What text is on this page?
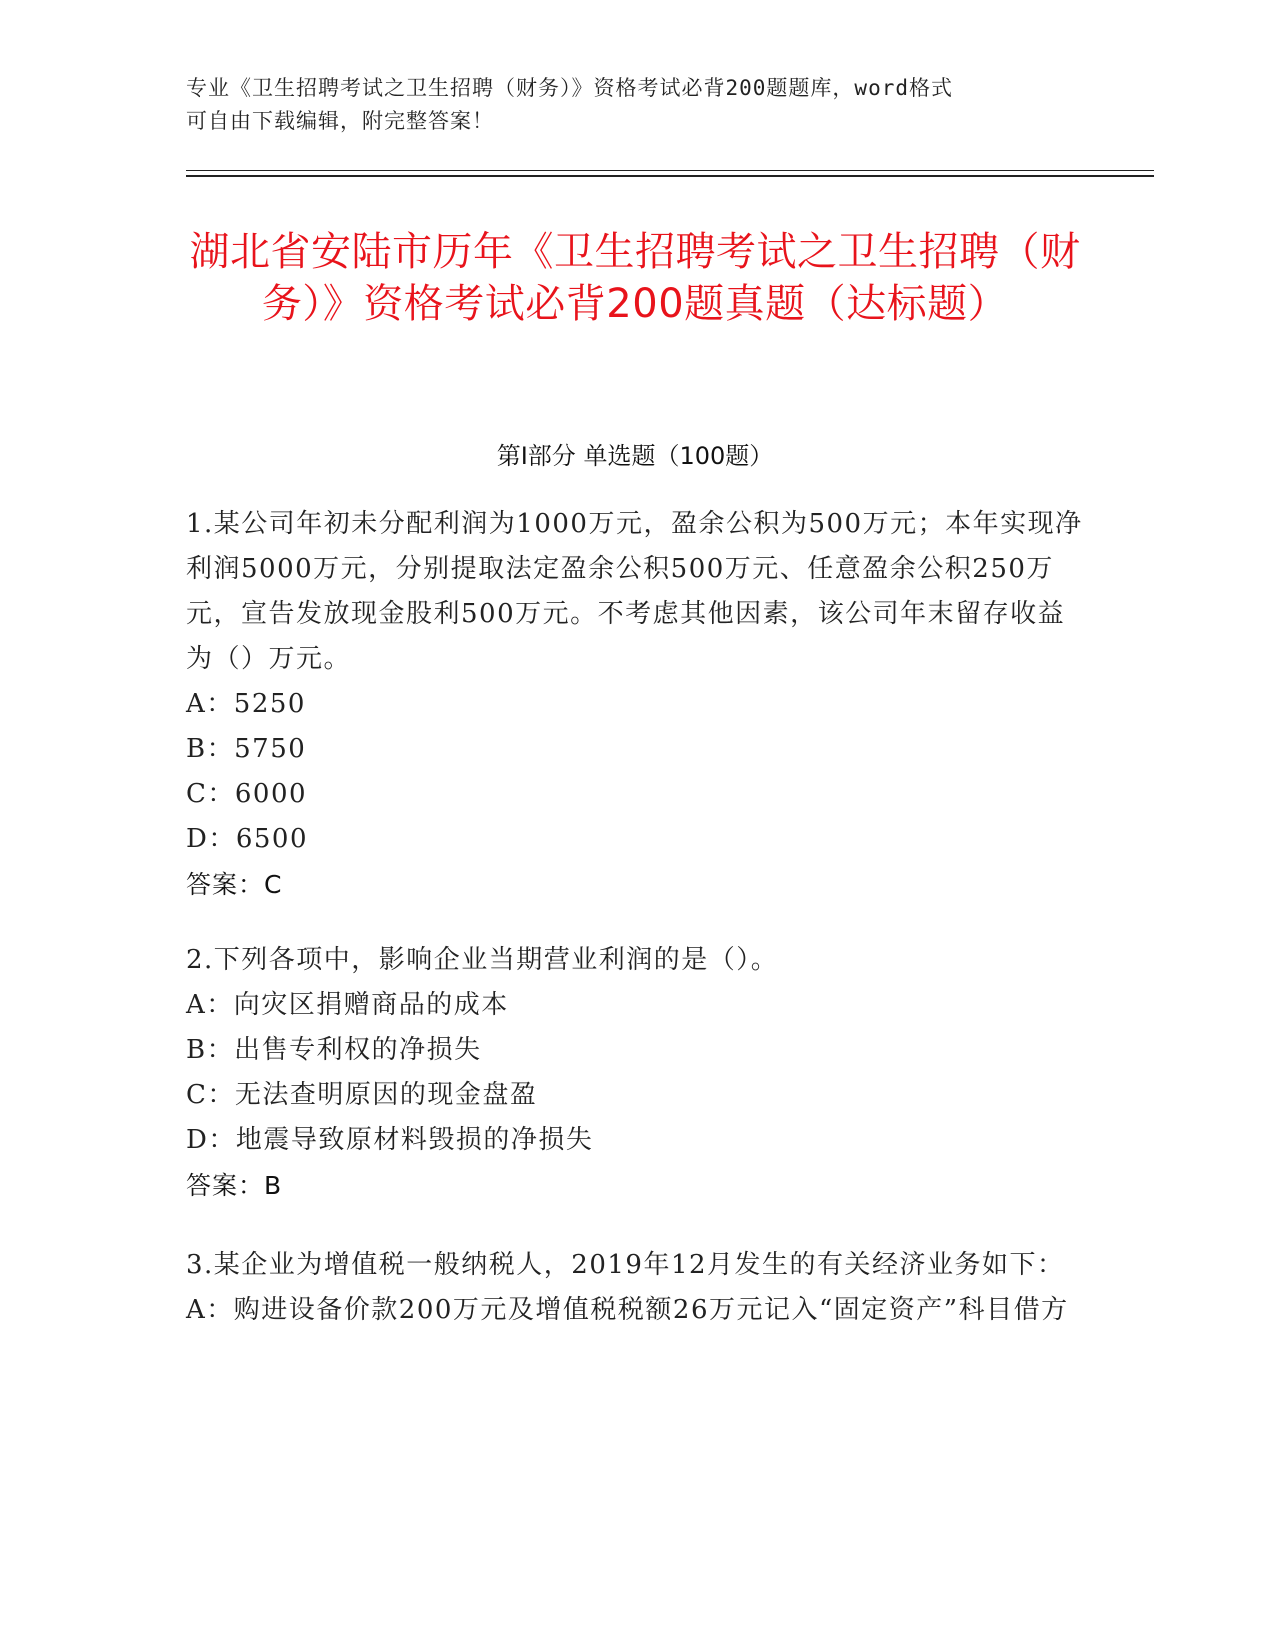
专业《卫生招聘考试之卫生招聘（财务）》资格考试必背200题题库，word格式
可自由下载编辑，附完整答案！
湖北省安陆市历年《卫生招聘考试之卫生招聘（财务）》资格考试必背200题真题（达标题）
第I部分 单选题（100题）

1.某公司年初未分配利润为1000万元，盈余公积为500万元；本年实现净利润5000万元，分别提取法定盈余公积500万元、任意盈余公积250万元，宣告发放现金股利500万元。不考虑其他因素，该公司年末留存收益为（）万元。

A：5250

B：5750

C：6000

D：6500

答案：C

2.下列各项中，影响企业当期营业利润的是（）。

A：向灾区捐赠商品的成本

B：出售专利权的净损失

C：无法查明原因的现金盘盈

D：地震导致原材料毁损的净损失

答案：B

3.某企业为增值税一般纳税人，2019年12月发生的有关经济业务如下：

A：购进设备价款200万元及增值税税额26万元记入“固定资产”科目借方
